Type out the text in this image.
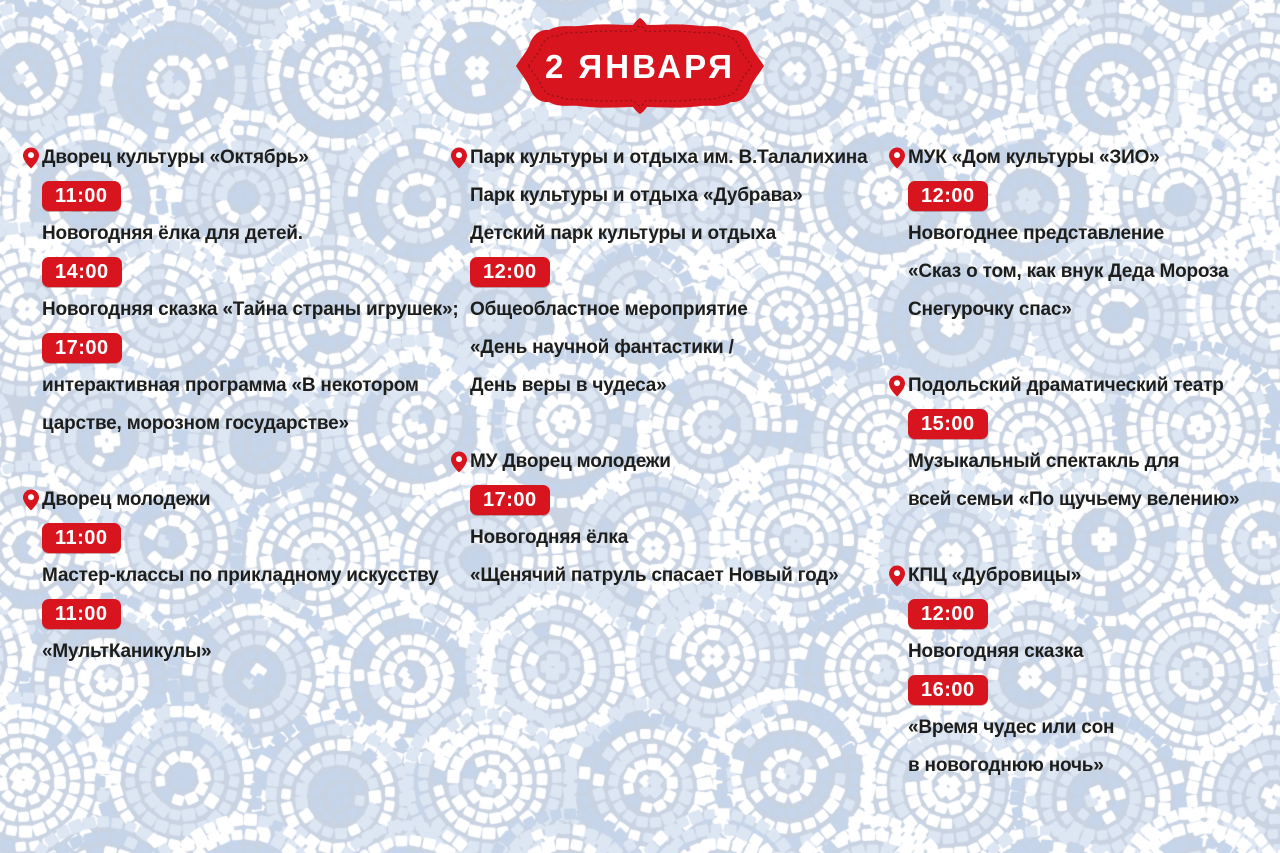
2 ЯНВАРЯ
Дворец культуры «Октябрь»
11:00
Новогодняя ёлка для детей.
14:00
Новогодняя сказка «Тайна страны игрушек»;
17:00
интерактивная программа «В некотором
царстве, морозном государстве»
Дворец молодежи
11:00
Мастер-классы по прикладному искусству
11:00
«МультКаникулы»
Парк культуры и отдыха им. В.Талалихина
Парк культуры и отдыха «Дубрава»
Детский парк культуры и отдыха
12:00
Общеобластное мероприятие
«День научной фантастики /
День веры в чудеса»
МУ Дворец молодежи
17:00
Новогодняя ёлка
«Щенячий патруль спасает Новый год»
МУК «Дом культуры «ЗИО»
12:00
Новогоднее представление
«Сказ о том, как внук Деда Мороза
Снегурочку спас»
Подольский драматический театр
15:00
Музыкальный спектакль для
всей семьи «По щучьему велению»
КПЦ «Дубровицы»
12:00
Новогодняя сказка
16:00
«Время чудес или сон
в новогоднюю ночь»
